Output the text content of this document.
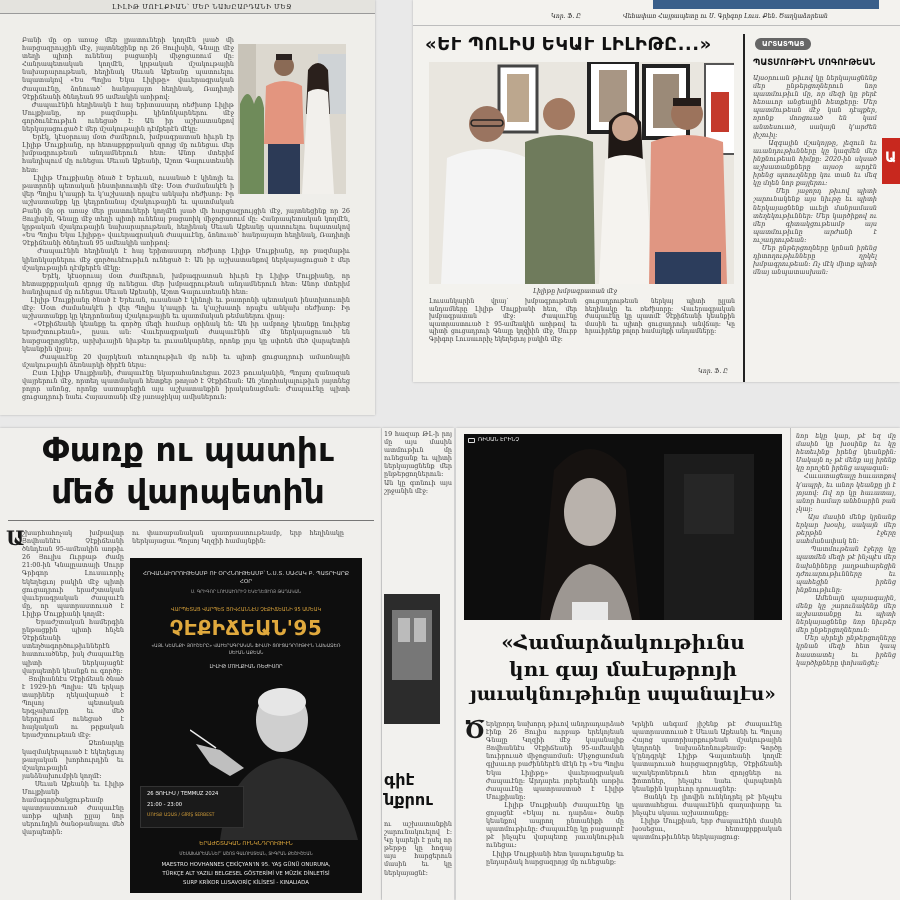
ԼԻԼԻԹ ՄՈՒԼՔԻԱՆ՝ ՄԵՐ ՆԱԽԸԱՐԴԱՆԻ ՄԵՋ
Բանի մը օր առաջ մեր լրատուների կողմէն լսած մի հարցազրույցին մէջ, յայտնեցինք որ 26 Յուլիսին, Գնալը մէջ տեղի պիտի ունենայ բացառիկ միջոցառում մը: Հանրապետական կողմէն, կրթական մշակութային նախարարութեան, հեղինակ Սեւան Աքեանը պատուելու նպատակով «Ես Պոլիս Եկա Լիլիթը» վաւերագրական ժապաւէնը, ձոնուած՝ հանրայայտ հեղինակ, Ռադիոյի Չէքիճեանի ծննդեան 95 ամեակին առիթով:
Ժապաւէնին հեղինակն է հայ երիտասարդ ռեժիսոր Լիլիթ Մուլքիանը, որ բազմաթիւ կինոնկարներու մէջ գործունէութիւն ունեցած է: Ան իր աշխատանքով ներկայացուցած է մեր մշակութային դէմքերէն մէկը:
Երէկ, կէսօրուայ մօտ ժամերուն, խմբագրատան հիւրն էր Լիլիթ Մուլքիանը, որ հետաքրքրական զրոյց մը ունեցաւ մեր խմբագրութեան անդամներուն հետ: Անոր մտերիմ հանդիպում մը ունեցաւ Սեւան Աքեանի, Աշոտ Գալուստեանի հետ:
Լիլիթ Մուլքիանը ծնած է Երեւան, ուսանած է կինոյի եւ թատրոնի պետական ինստիտուտին մէջ: Մօտ ժամանակէն ի վեր Պոլիս կ՚ապրի եւ կ՚աշխատի որպէս անկախ ռեժիսոր: Իր աշխատանքը կը կեդրոնանայ մշակութային եւ պատմական

Բանի մը օր առաջ մեր լրատուների կողմէն լսած մի հարցազրույցին մէջ, յայտնեցինք որ 26 Յուլիսին, Գնալը մէջ տեղի պիտի ունենայ բացառիկ միջոցառում մը: Հանրապետական կողմէն, կրթական մշակութային նախարարութեան, հեղինակ Սեւան Աքեանը պատուելու նպատակով «Ես Պոլիս Եկա Լիլիթը» վաւերագրական ժապաւէնը, ձոնուած՝ հանրայայտ հեղինակ, Ռադիոյի Չէքիճեանի ծննդեան 95 ամեակին առիթով:
Ժապաւէնին հեղինակն է հայ երիտասարդ ռեժիսոր Լիլիթ Մուլքիանը, որ բազմաթիւ կինոնկարներու մէջ գործունէութիւն ունեցած է: Ան իր աշխատանքով ներկայացուցած է մեր մշակութային դէմքերէն մէկը:
Երէկ, կէսօրուայ մօտ ժամերուն, խմբագրատան հիւրն էր Լիլիթ Մուլքիանը, որ հետաքրքրական զրոյց մը ունեցաւ մեր խմբագրութեան անդամներուն հետ: Անոր մտերիմ հանդիպում մը ունեցաւ Սեւան Աքեանի, Աշոտ Գալուստեանի հետ:
Լիլիթ Մուլքիանը ծնած է Երեւան, ուսանած է կինոյի եւ թատրոնի պետական ինստիտուտին մէջ: Մօտ ժամանակէն ի վեր Պոլիս կ՚ապրի եւ կ՚աշխատի որպէս անկախ ռեժիսոր: Իր աշխատանքը կը կեդրոնանայ մշակութային եւ պատմական թեմաներու վրայ:
«Չէքիճեանի կեանքը եւ գործը մեզի համար օրինակ են: Ան իր ամբողջ կեանքը նուիրեց երաժշտութեան», ըսաւ ան: Վաւերագրական ժապաւէնին մէջ ներկայացուած են հարցազրոյցներ, արխիւային նիւթեր եւ լուսանկարներ, որոնք լոյս կը սփռեն մեծ վարպետին կեանքին վրայ:
Ժապաւէնը 20 վայրկեան տեւողութիւն մը ունի եւ պիտի ցուցադրուի ամառնային մշակութային ձեռնարկի ծիրէն ներս:
Ըստ Լիլիթ Մուլքիանի, ժապաւէնը նկարահանուեցաւ 2023 թուականին, Պոլսոյ զանազան վայրերուն մէջ, որտեղ պատմական հետքեր թողած է Չէքիճեան: Ան շնորհակալութիւն յայտնեց բոլոր անոնց, որոնք սատարեցին այս աշխատանքին իրականացման: Ժապաւէնը պիտի ցուցադրուի նաեւ Հայաստանի մէջ յառաջիկայ ամիսներուն:
Կոր. Ֆ. Ը	Վեհափառ Հայրապետը ու Ս. Գրիգոր Լուս. Քեն. Ծաղկաձորեան
«ԵՒ ՊՈԼԻՍ ԵԿԱՒ ԼԻԼԻԹԸ...»
Լիլիթը խմբագրատան մէջ
Լուսանկարին վրայ՝ խմբագրութեան անդամները Լիլիթ Մուլքիանի հետ, մեր խմբագրատան մէջ: Ժապաւէնը պատրաստուած է 95-ամեակին առիթով եւ պիտի ցուցադրուի Գնալը կղզիին մէջ, Սուրբ Գրիգոր Լուսաւորիչ եկեղեցւոյ բակին մէջ:
ցուցադրութեան ներկայ պիտի ըլլան հեղինակը եւ ռեժիսորը: Վաւերագրական ժապաւէնը կը պատմէ Չէքիճեանի կեանքին մասին եւ պիտի ցուցադրուի անվճար: Կը հրաւիրենք բոլոր համայնքի անդամները:
Կոր. Ֆ. Ը
ԱՐՏԱՏՊԱՑ
ՊԱՏՄՈՒԹԻՒՆ ՄՈԳՈՒԹԵԱՆ
Այսօրուան թիւով կը ներկայացնենք մեր ընթերցողներուն նոր պատմութիւն մը, որ մեզի կը բերէ հեռաւոր անցեալին հետքերը: Մեր պատմութեան մէջ կան դէպքեր, որոնք մոռցուած են կամ անտեսուած, սակայն կ՚արժեն յիշուիլ:
Ազգային մշակոյթը, լեզուն եւ աւանդութիւնները կը կազմեն մեր ինքնութեան հիմքը: 2020-ին սկսած աշխատանքները այսօր արդէն իրենց պտուղները կու տան եւ մեզ կը մղեն նոր քայլերու:
Մեր յաջորդ թիւով պիտի շարունակենք այս նիւթը եւ պիտի ներկայացնենք աւելի մանրամասն տեղեկութիւններ: Մեր կարծիքով ու մեր գիտակցութեամբ այս պատմութիւնը արժանի է ուշադրութեան:
Մեր ընթերցողները կրնան իրենց դիտողութիւնները ղրկել խմբագրութեան: Ոչ մէկ միտք պիտի մնայ անպատասխան:
Ա
Փառք ու պատիւ
մեծ վարպետին
Ա
շխարհահռչակ խմբավար Յովհաննէս Չէքիճեանի ծննդեան 95-ամեակին առթիւ 26 Յուլիս Ուրբաթ ժամը 21:00-ին Կնալըատայի Սուրբ Գրիգոր Լուսաւորիչ եկեղեցւոյ բակին մէջ պիտի ցուցադրուի երաժշտական վաւերագրական ժապաւէն մը, որ պատրաստուած է Լիլիթ Մուլքիանի կողմէ:
Երաժշտական համերգին ընթացքին պիտի հնչեն Չէքիճեանի ստեղծագործութիւններէն հատուածներ, իսկ ժապաւէնը պիտի ներկայացնէ վարպետին կեանքն ու գործը:
Յովհաննէս Չէքիճեան ծնած է 1929-ին Պոլիս: Ան երկար տարիներ ղեկավարած է Պոլսոյ պետական երգչախումբը եւ մեծ ներդրում ունեցած է հայկական ու թրքական երաժշտութեան մէջ:
Ձեռնարկը կազմակերպուած է եկեղեցւոյ թաղական խորհուրդին եւ մշակութային յանձնախումբին կողմէ:
Սեւան Աքեանի եւ Լիլիթ Մուլքիանի համագործակցութեամբ պատրաստուած ժապաւէնը առիթ պիտի ըլլայ նոր սերունդին ծանօթանալու մեծ վարպետին:
ու փառաբանական պատրաստութեամբ, երբ հեղինակը ներկայացաւ Պոլսոյ Կղզիի համայնքին:
ՀՈՎԱՆԱՒՈՐՈՒԹԵԱՄԲ ՈՒ ՕՐՀՆՈՒԹԵԱՄԲ՝ Ն.Ս.Տ. ՍԱՀԱԿ Բ. ՊԱՏՐԻԱՐՔ ՀՕՐ
Ս. ԳՐԻԳՈՐ ԼՈՒՍԱՒՈՐԻՉ ԵԿԵՂԵՑՒՈՅ ԹԱՂԱԿԱՆ
ՎԱՐՊԵՏԱՑ ՎԱՐՊԵՏ ՅՈՎՀԱՆՆԷՍ ՉԷՔԻՃԵԱՆԻ 95 ԱՄԵԱԿ
ՉԷՔԻՃԵԱՆ'95
«ԱՅԼ ԿԵԱՆՔԻ ՅՈՒՇԵՐԸ» ՎԱՒԵՐԱԳՐԱԿԱՆ ՖԻԼՄԻ ՑՈՒՑԱԴՐՈՒԹԻՒՆ ՆԱԽԱՁԵՌ ՍԵՒԱՆ ԱՔԵԱՆ
ԼԻԼԻԹ ՄՈՒԼՔԻԱՆ ՌԵԺԻՍՈՐ
26 ՅՈՒԼԻՍ / TEMMUZ 2024
21:00 - 23:00
ՄՈՒՏՔ ԱԶԱՏ / GİRİŞ SERBEST
ԵՐԱԺՇՏԱԿԱՆ ՈՒՆԿՆԴՐՈՒԹԻՒՆ
ՄԵՍԱԽԱՐԵԱՆՆԵՐ՝ ԱՇՈՏ ԳԱԼՈՒՍՏԵԱՆ, ՏԻԳՐԱՆ ՔԵՇԻՇԵԱՆ
MAESTRO HOVHANNES ÇEKİÇYAN'IN 95. YAŞ GÜNÜ ONURUNA,
TÜRKÇE ALT YAZILI BELGESEL GÖSTERİMİ VE MÜZİK DİNLETİSİ
SURP KRİKOR LUSAVORİÇ KİLİSESİ - KINALIADA
19 հազար ԹԼ-ի րոյ մը այս մասին ատմութիւն մը ունեցանք եւ պիտի ներկայացնենք մեր ընթերցողներուն: Ան կը գտնուի այս շրջանին մէջ:
գիէ
նքրու
ու աշխատանքին շարունակուելով է: Կը կարելի է ըսել որ թերթը կը հոգայ այս հարցերուն մասին եւ կը ներկայացնէ:
ՌԻՍԱՆ ԷՐԻՆՉ
«Համարձակութիւնս
կու գայ մաէսթրոյի
յաւակնութիւնը սպանալէս»
Ծ երկրորդ նախորդ թիւով անդրադարձած էինք 26 Յուլիս ուրբաթ երեկոյեան Գնալը Կղզիի մէջ կայանալիք Յովհաննէս Չէքիճեանի 95-ամեակին նուիրուած միջոցառման: Միջոցառման գլխաւոր բաժիններէն մէկն էր «Ես Պոլիս Եկա Լիլիթը» վաւերագրական ժապաւէնը: Արդարեւ յոբելեանի առթիւ ժապաւէնը պատրաստած է Լիլիթ Մուլքիանը:
Լիլիթ Մուլքիանի ժապաւէնը կը ցոլացնէ «Եկայ ու դարձա» ծանր կեանքով ապրող ընտանիքի մը պատմութիւնը: Ժապաւէնը կը բացատրէ թէ ինչպէս վարպետը յաւակնութիւն ունեցաւ:
Լիլիթ Մուլքիանի հետ կապուեցանք եւ ընդարձակ հարցազրոյց մը ունեցանք:
Կրկին անգամ յիշենք թէ ժապաւէնը պատրաստուած է Սեւան Աքեանի եւ Պոլսոյ Հայոց պատրիարքութեան մշակութային կեդրոնի նախաձեռնութեամբ: Գործը կ՚ընդգրկէ Լիլիթ Գալստեանի կողմէ կատարուած հարցազրոյցներ, Չէքիճեանի աշակերտներուն հետ զրոյցներ ու ֆոտոներ, ինչպէս նաեւ վարպետին կեանքին կարեւոր դրուագներ:
Ցանկն էր լիովին ունկնդրել թէ ինչպէս պատահեցաւ ժապաւէնին գաղափարը եւ ինչպէս սկսաւ աշխատանքը:
Լիլիթ Մուլքիան, երբ ժապաւէնին մասին խօսեցաւ, հետաքրքրական պատմութիւններ ներկայացուց:
նոր եկը կար, թէ եզ մը մասին կը խօսինք եւ կը հետեւինք իրենց կեանքին: Սակայն ոչ թէ մենք այլ իրենք կը որոշեն իրենց ապագան:
Հաւատացեալը հաւատքով կ՚ապրի, եւ անոր կեանքը լի է յոյսով: Ով որ կը հաւատայ, անոր համար անհնարին բան չկայ:
Այս մասին մենք կրնանք երկար խօսիլ, սակայն մեր թերթին էջերը սահմանափակ են:
Պատմութեան էջերը կը պատմեն մեզի թէ ինչպէս մեր նախնիները յաղթահարեցին դժուարութիւնները եւ պահեցին իրենց ինքնութիւնը:
Ամենայն պարագային, մենք կը շարունակենք մեր աշխատանքը եւ պիտի ներկայացնենք նոր նիւթեր մեր ընթերցողներուն:
Մեր սիրելի ընթերցողները կրնան մեզի հետ կապ հաստատել եւ իրենց կարծիքները փոխանցել:
